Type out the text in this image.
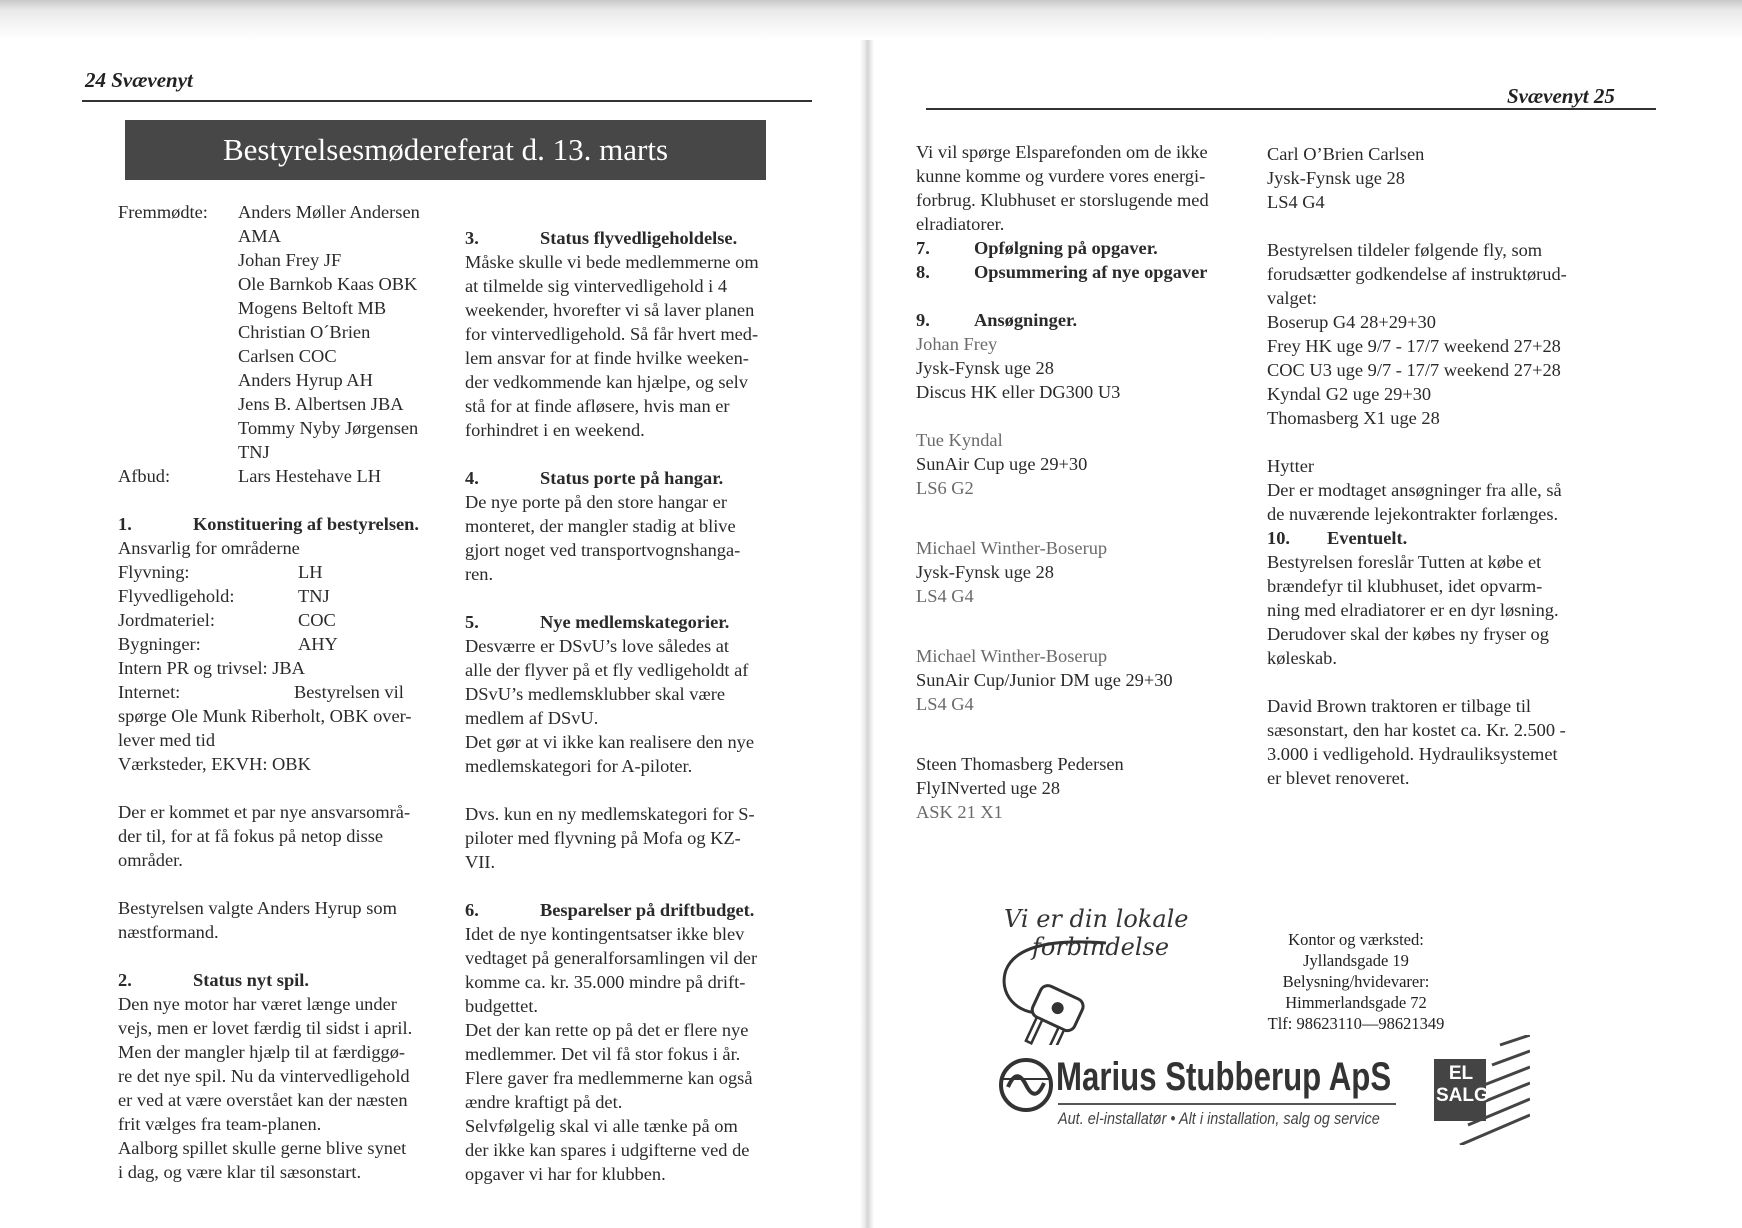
24 Svævenyt
Bestyrelsesmødereferat d. 13. marts
Fremmødte:	Anders Møller Andersen

AMA

Johan Frey JF

Ole Barnkob Kaas OBK

Mogens Beltoft MB

Christian O´Brien

Carlsen COC

Anders Hyrup AH

Jens B. Albertsen JBA

Tommy Nyby Jørgensen

TNJ

Afbud:	Lars Hestehave LH
1.	Konstituering af bestyrelsen.

Ansvarlig for områderne

Flyvning:	LH
Flyvedligehold:	TNJ
Jordmateriel:	COC
Bygninger:	AHY

Intern PR og trivsel: JBA

Internet:	Bestyrelsen vil

spørge Ole Munk Riberholt, OBK over-

lever med tid

Værksteder, EKVH: OBK

Der er kommet et par nye ansvarsområ-

der til, for at få fokus på netop disse

områder.

Bestyrelsen valgte Anders Hyrup som

næstformand.

2.	Status nyt spil.

Den nye motor har været længe under

vejs, men er lovet færdig til sidst i april.

Men der mangler hjælp til at færdiggø-

re det nye spil. Nu da vintervedligehold

er ved at være overstået kan der næsten

frit vælges fra team-planen.

Aalborg spillet skulle gerne blive synet

i dag, og være klar til sæsonstart.

3.	Status flyvedligeholdelse.

Måske skulle vi bede medlemmerne om

at tilmelde sig vintervedligehold i 4

weekender, hvorefter vi så laver planen

for vintervedligehold. Så får hvert med-

lem ansvar for at finde hvilke weeken-

der vedkommende kan hjælpe, og selv

stå for at finde afløsere, hvis man er

forhindret i en weekend.

4.	Status porte på hangar.

De nye porte på den store hangar er

monteret, der mangler stadig at blive

gjort noget ved transportvognshanga-

ren.

5.	Nye medlemskategorier.

Desværre er DSvU’s love således at

alle der flyver på et fly vedligeholdt af

DSvU’s medlemsklubber skal være

medlem af DSvU.

Det gør at vi ikke kan realisere den nye

medlemskategori for A-piloter.

Dvs. kun en ny medlemskategori for S-

piloter med flyvning på Mofa og KZ-

VII.

6.	Besparelser på driftbudget.

Idet de nye kontingentsatser ikke blev

vedtaget på generalforsamlingen vil der

komme ca. kr. 35.000 mindre på drift-

budgettet.

Det der kan rette op på det er flere nye

medlemmer. Det vil få stor fokus i år.

Flere gaver fra medlemmerne kan også

ændre kraftigt på det.

Selvfølgelig skal vi alle tænke på om

der ikke kan spares i udgifterne ved de

opgaver vi har for klubben.

Svævenyt 25

Vi vil spørge Elsparefonden om de ikke

kunne komme og vurdere vores energi-

forbrug. Klubhuset er storslugende med

elradiatorer.

7.	Opfølgning på opgaver.
8.	Opsummering af nye opgaver
9.	Ansøgninger.

Johan Frey

Jysk-Fynsk uge 28

Discus HK eller DG300 U3

Tue Kyndal

SunAir Cup uge 29+30

LS6 G2

Michael Winther-Boserup

Jysk-Fynsk uge 28

LS4 G4

Michael Winther-Boserup

SunAir Cup/Junior DM uge 29+30

LS4 G4

Steen Thomasberg Pedersen

FlyINverted uge 28

ASK 21 X1

Carl O’Brien Carlsen

Jysk-Fynsk uge 28

LS4 G4

Bestyrelsen tildeler følgende fly, som

forudsætter godkendelse af instruktørud-

valget:

Boserup G4 28+29+30

Frey HK uge 9/7 - 17/7 weekend 27+28

COC U3 uge 9/7 - 17/7 weekend 27+28

Kyndal G2 uge 29+30

Thomasberg X1 uge 28

Hytter

Der er modtaget ansøgninger fra alle, så

de nuværende lejekontrakter forlænges.

10.	Eventuelt.

Bestyrelsen foreslår Tutten at købe et

brændefyr til klubhuset, idet opvarm-

ning med elradiatorer er en dyr løsning.

Derudover skal der købes ny fryser og

køleskab.

David Brown traktoren er tilbage til

sæsonstart, den har kostet ca. Kr. 2.500 -

3.000 i vedligehold. Hydrauliksystemet

er blevet renoveret.

Vi er din lokale
forbindelse	Kontor og værksted:
Jyllandsgade 19
Belysning/hvidevarer:
Himmerlandsgade 72
Tlf: 98623110—98621349
Marius Stubberup ApS
Aut. el-installatør • Alt i installation, salg og service
EL
SALG
